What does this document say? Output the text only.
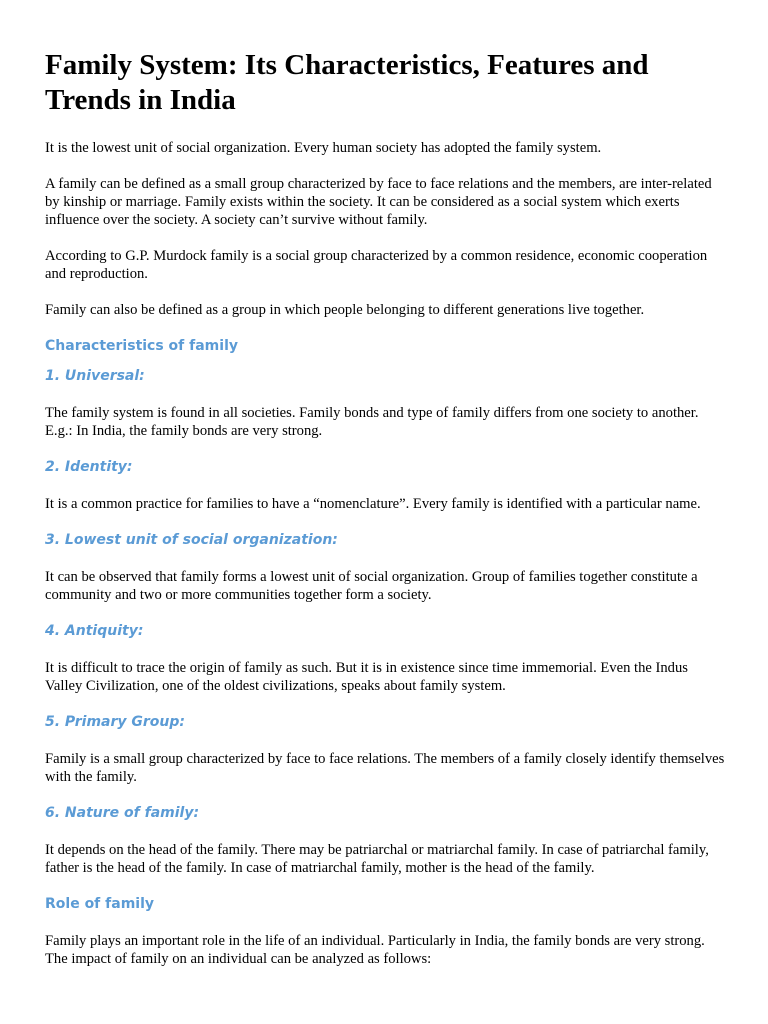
Family System: Its Characteristics, Features and Trends in India

It is the lowest unit of social organization. Every human society has adopted the family system.

A family can be defined as a small group characterized by face to face relations and the members, are inter-related by kinship or marriage. Family exists within the society. It can be considered as a social system which exerts influence over the society. A society can’t survive without family.

According to G.P. Murdock family is a social group characterized by a common residence, economic cooperation and reproduction.

Family can also be defined as a group in which people belonging to different generations live together.

Characteristics of family
1. Universal:

The family system is found in all societies. Family bonds and type of family differs from one society to another. E.g.: In India, the family bonds are very strong.

2. Identity:

It is a common practice for families to have a “nomenclature”. Every family is identified with a particular name.

3. Lowest unit of social organization:

It can be observed that family forms a lowest unit of social organization. Group of families together constitute a community and two or more communities together form a society.

4. Antiquity:

It is difficult to trace the origin of family as such. But it is in existence since time immemorial. Even the Indus Valley Civilization, one of the oldest civilizations, speaks about family system.

5. Primary Group:

Family is a small group characterized by face to face relations. The members of a family closely identify themselves with the family.

6. Nature of family:

It depends on the head of the family. There may be patriarchal or matriarchal family. In case of patriarchal family, father is the head of the family. In case of matriarchal family, mother is the head of the family.

Role of family

Family plays an important role in the life of an individual. Particularly in India, the family bonds are very strong. The impact of family on an individual can be analyzed as follows:
